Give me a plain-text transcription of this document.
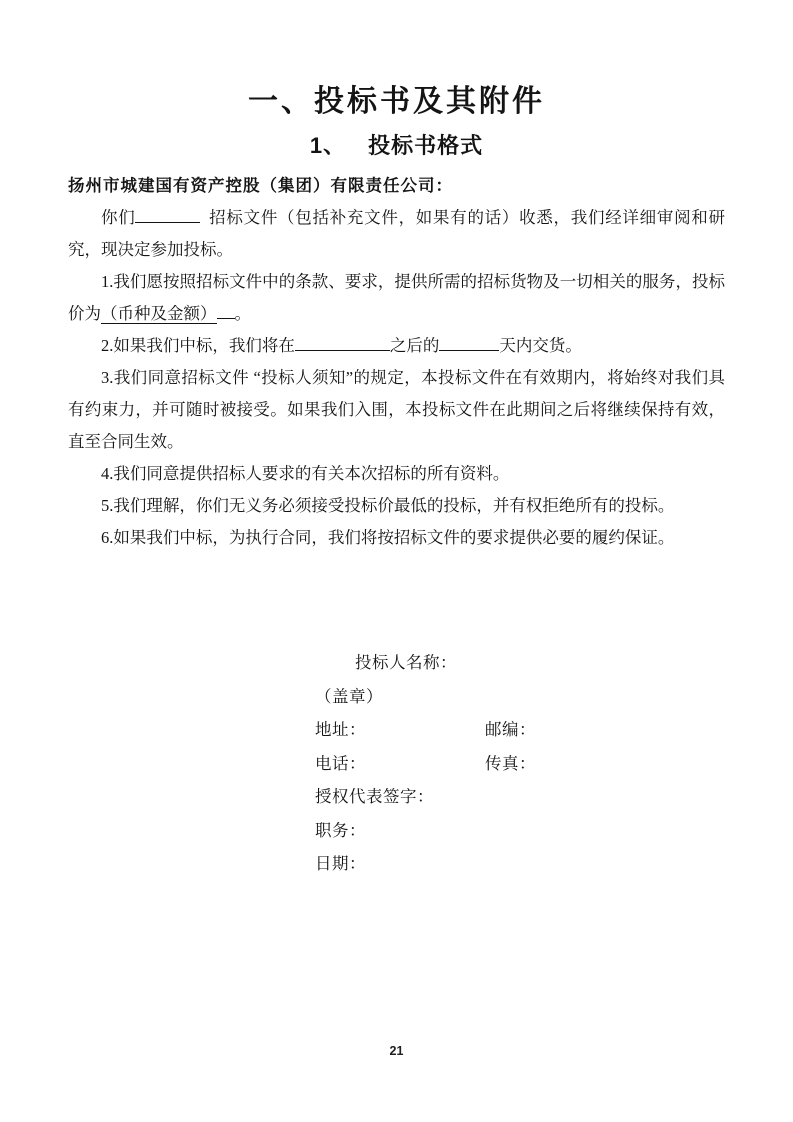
一、投标书及其附件
1、 投标书格式

扬州市城建国有资产控股（集团）有限责任公司：

你们	招标文件（包括补充文件，如果有的话）收悉，我们经详细审阅和研究，现决定参加投标。

1.我们愿按照招标文件中的条款、要求，提供所需的招标货物及一切相关的服务，投标价为（币种及金额） 。

2.如果我们中标，我们将在	之后的	天内交货。

3.我们同意招标文件 “投标人须知”的规定，本投标文件在有效期内，将始终对我们具有约束力，并可随时被接受。如果我们入围，本投标文件在此期间之后将继续保持有效，直至合同生效。

4.我们同意提供招标人要求的有关本次招标的所有资料。

5.我们理解，你们无义务必须接受投标价最低的投标，并有权拒绝所有的投标。

6.如果我们中标，为执行合同，我们将按招标文件的要求提供必要的履约保证。

投标人名称：
（盖章）
地址：	邮编：
电话：	传真：
授权代表签字：
职务：
日期：
21
